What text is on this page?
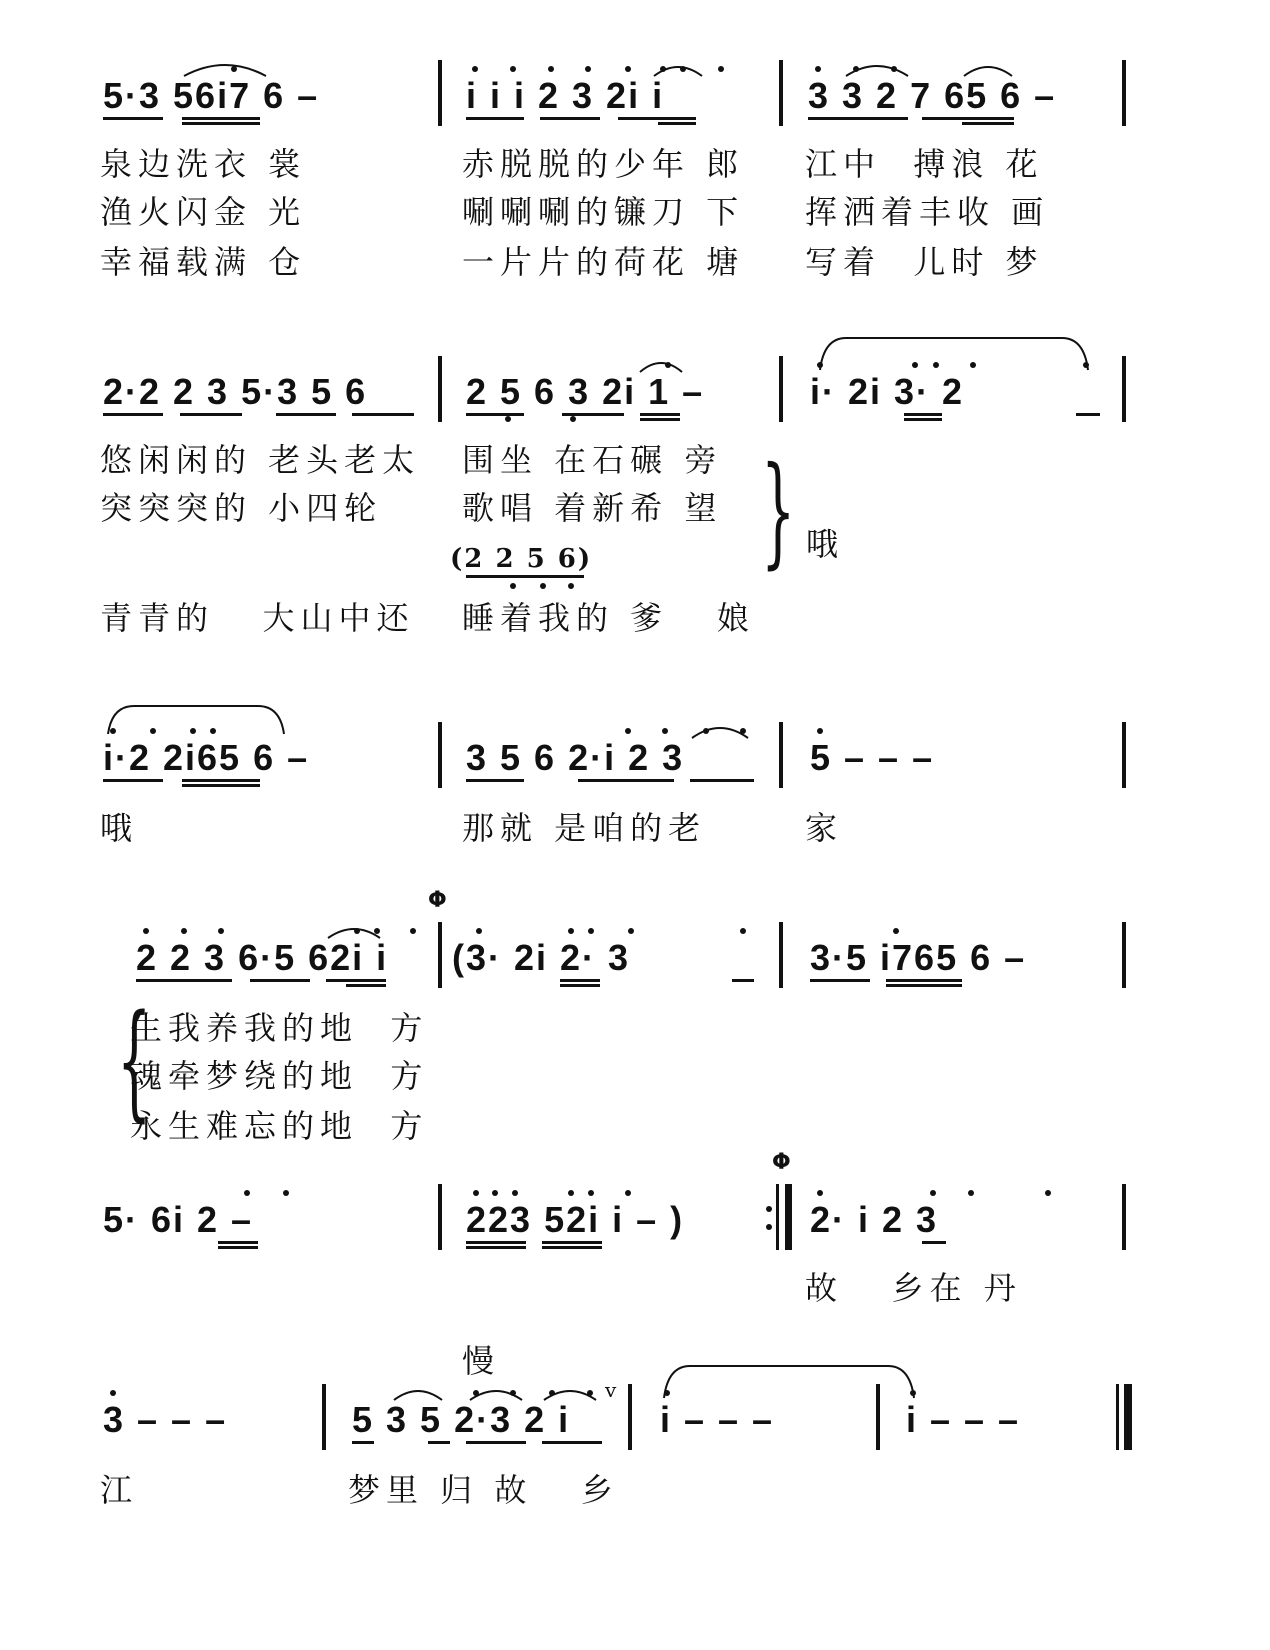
5·3 56i7 6 –	i i i 2 3 2i i	3 3 2 7 65 6 –
泉边洗衣 裳	赤脱脱的少年 郎 江中  搏浪 花
渔火闪金 光	唰唰唰的镰刀 下 挥洒着丰收 画
幸福载满 仓	一片片的荷花 塘 写着  儿时 梦
2·2 2 3 5·3 5 6	2 5 6 3 2i 1 –	i· 2i 3· 2
悠闲闲的 老头老太 围坐 在石碾 旁
突突突的 小四轮 歌唱 着新希 望
(2 2 5 6)
青青的   大山中还 睡着我的 爹   娘
} 哦
i·2 2i65 6 –	3 5 6 2·i 2 3	5 – – –
哦	那就 是咱的老	家
Φ
2 2 3 6·5 62i i (3· 2i 2· 3	3·5 i765 6 –
{
生我养我的地  方
魂牵梦绕的地  方
永生难忘的地  方
Φ
5· 6i 2 –	223 52i i – )	2· i 2 3
故   乡在 丹
慢
3 – – –	5 3 5 2·3 2 i
v
i – – –	i – – –
江	梦里 归 故   乡
